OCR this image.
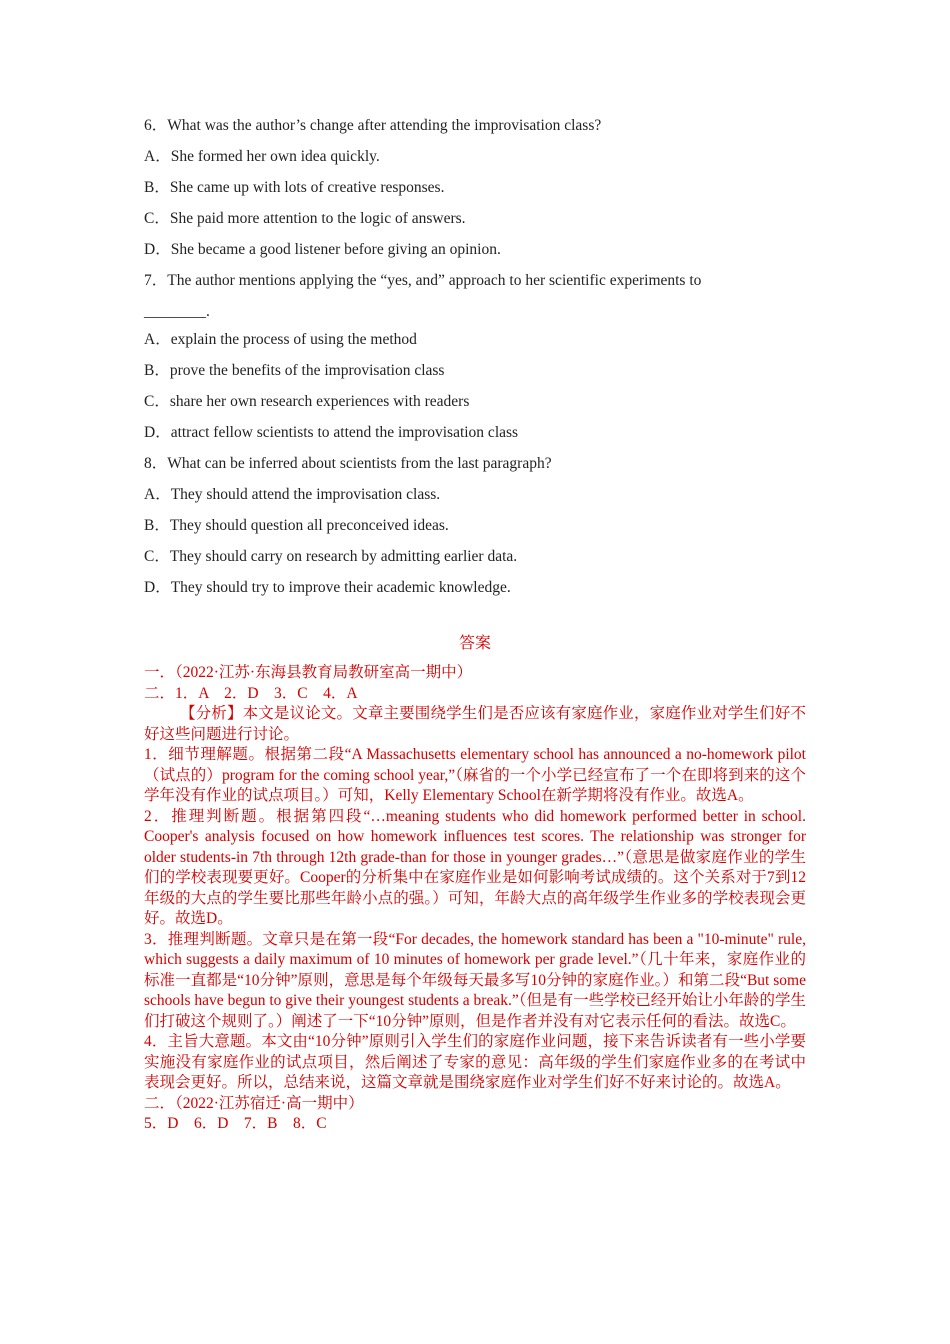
6．What was the author’s change after attending the improvisation class?

A．She formed her own idea quickly.

B．She came up with lots of creative responses.

C．She paid more attention to the logic of answers.

D．She became a good listener before giving an opinion.

7．The author mentions applying the “yes, and” approach to her scientific experiments to

________.

A．explain the process of using the method

B．prove the benefits of the improvisation class

C．share her own research experiences with readers

D．attract fellow scientists to attend the improvisation class

8．What can be inferred about scientists from the last paragraph?

A．They should attend the improvisation class.

B．They should question all preconceived ideas.

C．They should carry on research by admitting earlier data.

D．They should try to improve their academic knowledge.

答案

一．（2022·江苏·东海县教育局教研室高一期中）

二．1．A　2．D　3．C　4．A

【分析】本文是议论文。文章主要围绕学生们是否应该有家庭作业，家庭作业对学生们好不好这些问题进行讨论。

1．细节理解题。根据第二段“A Massachusetts elementary school has announced a no-homework pilot（试点的）program for the coming school year,”（麻省的一个小学已经宣布了一个在即将到来的这个学年没有作业的试点项目。）可知，Kelly Elementary School在新学期将没有作业。故选A。

2．推理判断题。根据第四段“…meaning students who did homework performed better in school. Cooper's analysis focused on how homework influences test scores. The relationship was stronger for older students-in 7th through 12th grade-than for those in younger grades…”（意思是做家庭作业的学生们的学校表现要更好。Cooper的分析集中在家庭作业是如何影响考试成绩的。这个关系对于7到12年级的大点的学生要比那些年龄小点的强。）可知，年龄大点的高年级学生作业多的学校表现会更好。故选D。

3．推理判断题。文章只是在第一段“For decades, the homework standard has been a "10-minute" rule, which suggests a daily maximum of 10 minutes of homework per grade level.”（几十年来，家庭作业的标准一直都是“10分钟”原则，意思是每个年级每天最多写10分钟的家庭作业。）和第二段“But some schools have begun to give their youngest students a break.”（但是有一些学校已经开始让小年龄的学生们打破这个规则了。）阐述了一下“10分钟”原则，但是作者并没有对它表示任何的看法。故选C。

4．主旨大意题。本文由“10分钟”原则引入学生们的家庭作业问题，接下来告诉读者有一些小学要实施没有家庭作业的试点项目，然后阐述了专家的意见：高年级的学生们家庭作业多的在考试中表现会更好。所以，总结来说，这篇文章就是围绕家庭作业对学生们好不好来讨论的。故选A。

二．（2022·江苏宿迁·高一期中）

5．D　6．D　7．B　8．C
